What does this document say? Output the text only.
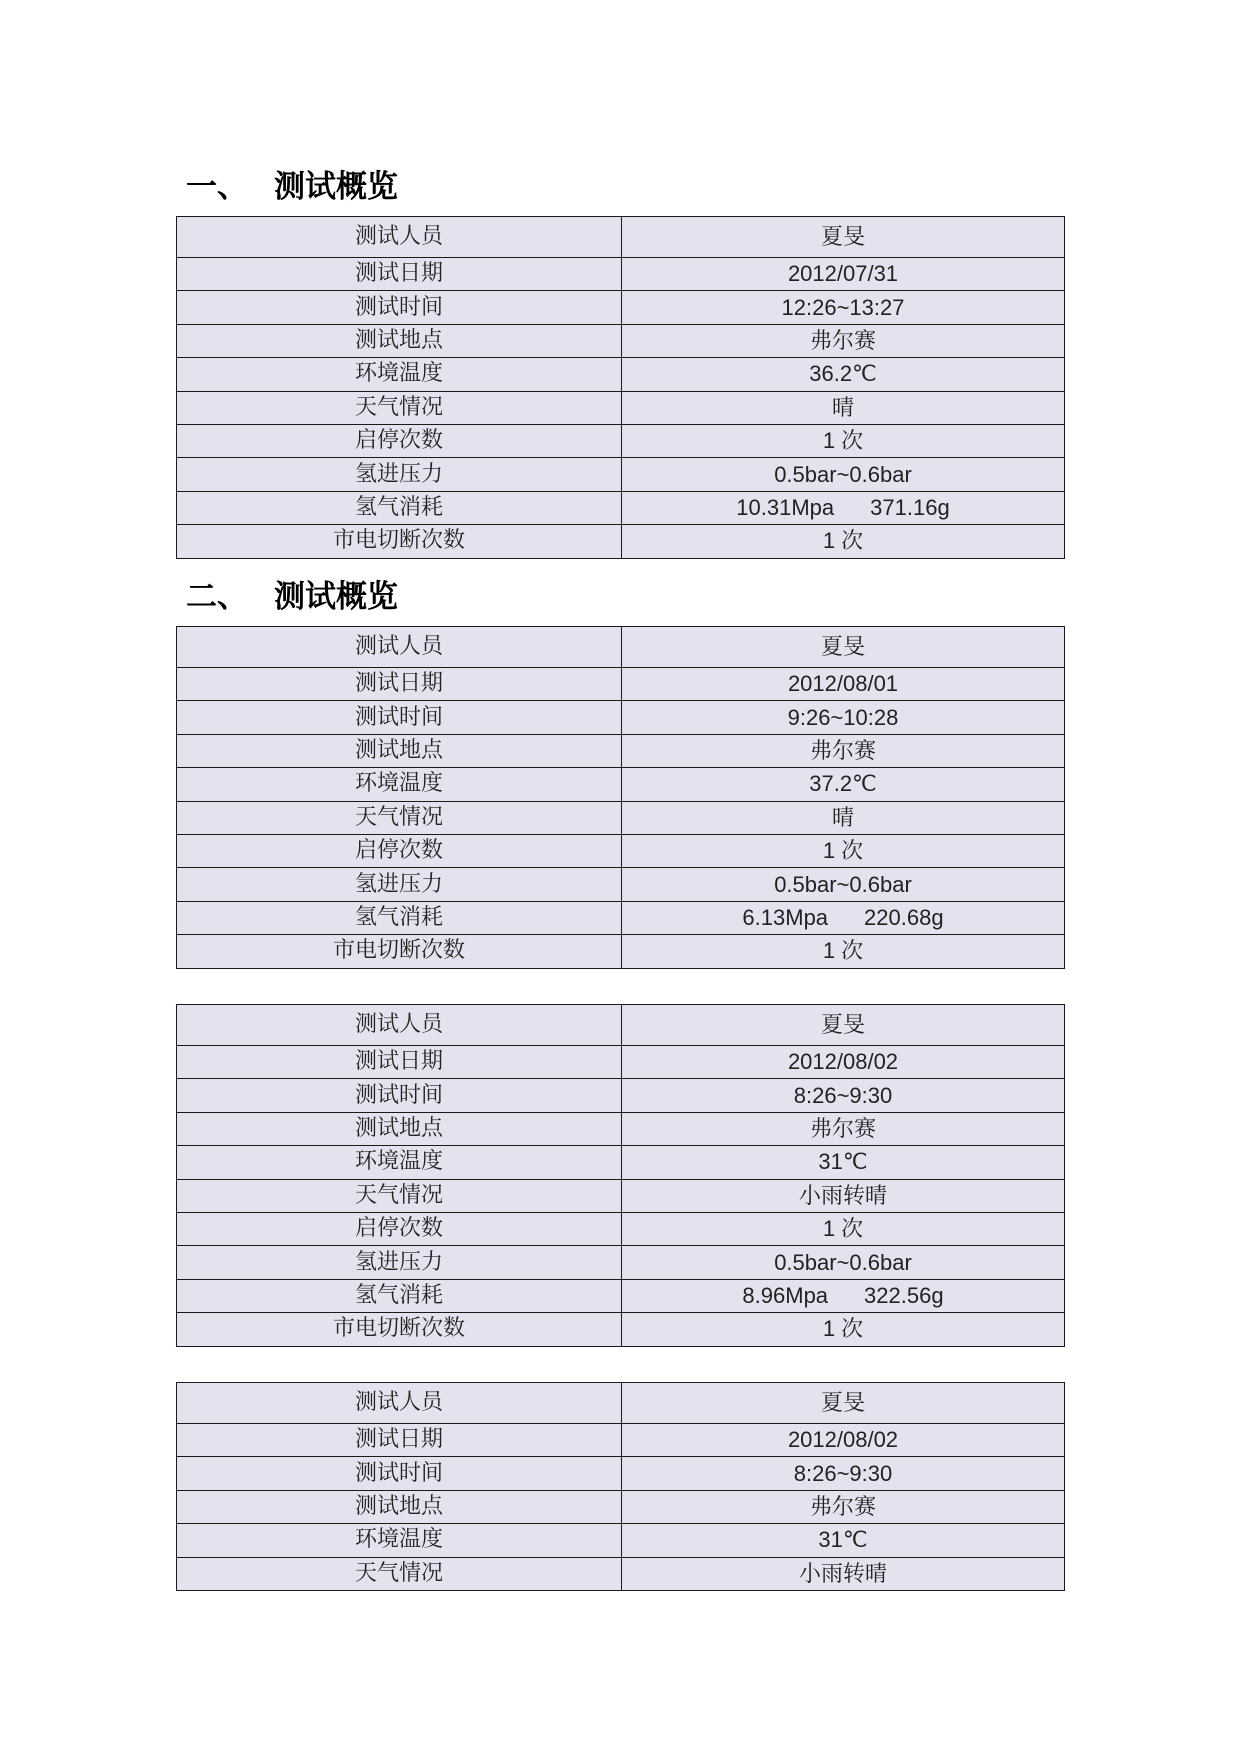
一、 测试概览
测试人员	夏旻
测试日期	2012/07/31
测试时间	12:26~13:27
测试地点	弗尔赛
环境温度	36.2℃
天气情况	晴
启停次数	1 次
氢进压力	0.5bar~0.6bar
氢气消耗	10.31Mpa 371.16g
市电切断次数	1 次
二、 测试概览
测试人员	夏旻
测试日期	2012/08/01
测试时间	9:26~10:28
测试地点	弗尔赛
环境温度	37.2℃
天气情况	晴
启停次数	1 次
氢进压力	0.5bar~0.6bar
氢气消耗	6.13Mpa 220.68g
市电切断次数	1 次
测试人员	夏旻
测试日期	2012/08/02
测试时间	8:26~9:30
测试地点	弗尔赛
环境温度	31℃
天气情况	小雨转晴
启停次数	1 次
氢进压力	0.5bar~0.6bar
氢气消耗	8.96Mpa 322.56g
市电切断次数	1 次
测试人员	夏旻
测试日期	2012/08/02
测试时间	8:26~9:30
测试地点	弗尔赛
环境温度	31℃
天气情况	小雨转晴
